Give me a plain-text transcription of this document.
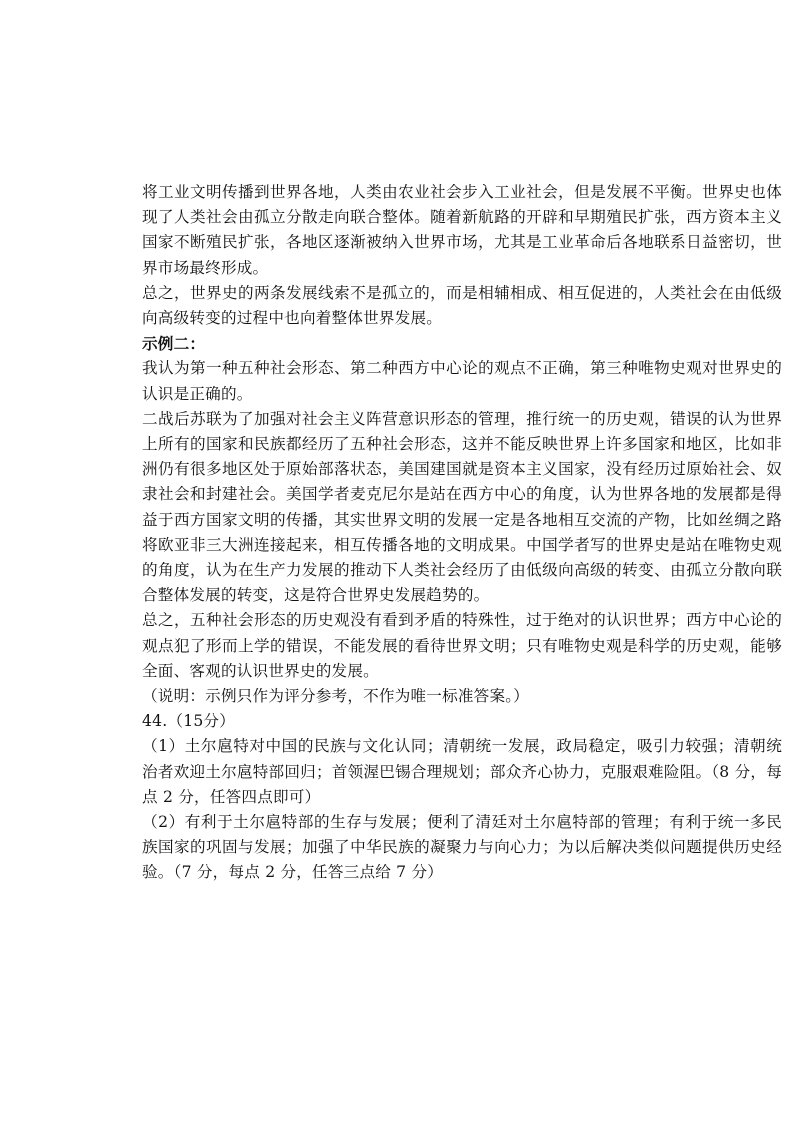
将工业文明传播到世界各地，人类由农业社会步入工业社会，但是发展不平衡。世界史也体现了人类社会由孤立分散走向联合整体。随着新航路的开辟和早期殖民扩张，西方资本主义国家不断殖民扩张，各地区逐渐被纳入世界市场，尤其是工业革命后各地联系日益密切，世界市场最终形成。

总之，世界史的两条发展线索不是孤立的，而是相辅相成、相互促进的，人类社会在由低级向高级转变的过程中也向着整体世界发展。

示例二：

我认为第一种五种社会形态、第二种西方中心论的观点不正确，第三种唯物史观对世界史的认识是正确的。

二战后苏联为了加强对社会主义阵营意识形态的管理，推行统一的历史观，错误的认为世界上所有的国家和民族都经历了五种社会形态，这并不能反映世界上许多国家和地区，比如非洲仍有很多地区处于原始部落状态，美国建国就是资本主义国家，没有经历过原始社会、奴隶社会和封建社会。美国学者麦克尼尔是站在西方中心的角度，认为世界各地的发展都是得益于西方国家文明的传播，其实世界文明的发展一定是各地相互交流的产物，比如丝绸之路将欧亚非三大洲连接起来，相互传播各地的文明成果。中国学者写的世界史是站在唯物史观的角度，认为在生产力发展的推动下人类社会经历了由低级向高级的转变、由孤立分散向联合整体发展的转变，这是符合世界史发展趋势的。

总之，五种社会形态的历史观没有看到矛盾的特殊性，过于绝对的认识世界；西方中心论的观点犯了形而上学的错误，不能发展的看待世界文明；只有唯物史观是科学的历史观，能够全面、客观的认识世界史的发展。

（说明：示例只作为评分参考，不作为唯一标准答案。）

44.（15分）

（1）土尔扈特对中国的民族与文化认同；清朝统一发展，政局稳定，吸引力较强；清朝统治者欢迎土尔扈特部回归；首领渥巴锡合理规划；部众齐心协力，克服艰难险阻。（8 分，每点 2 分，任答四点即可）

（2）有利于土尔扈特部的生存与发展；便利了清廷对土尔扈特部的管理；有利于统一多民族国家的巩固与发展；加强了中华民族的凝聚力与向心力；为以后解决类似问题提供历史经验。（7 分，每点 2 分，任答三点给 7 分）
